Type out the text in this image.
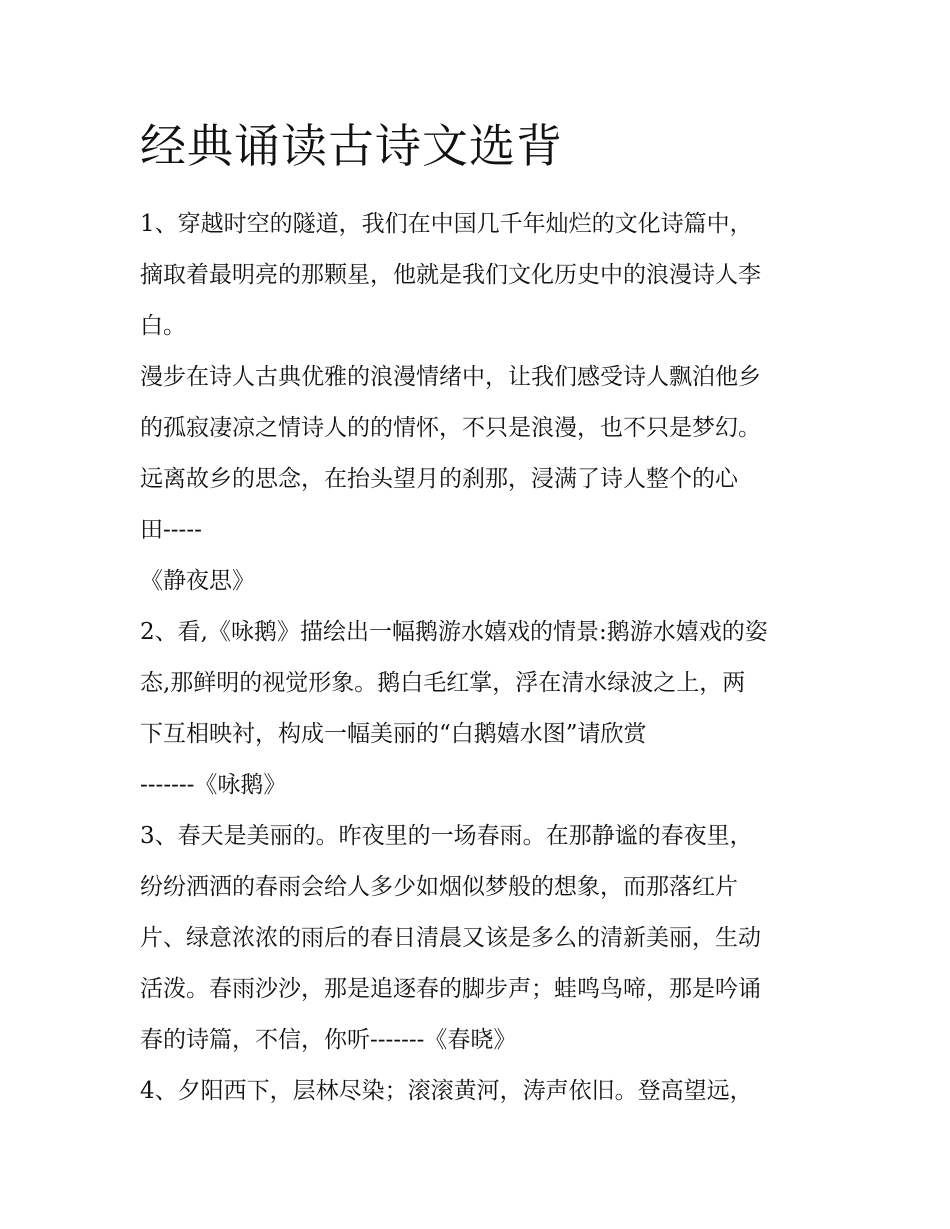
经典诵读古诗文选背
1、穿越时空的隧道，我们在中国几千年灿烂的文化诗篇中，
摘取着最明亮的那颗星，他就是我们文化历史中的浪漫诗人李
白。
漫步在诗人古典优雅的浪漫情绪中，让我们感受诗人飘泊他乡
的孤寂凄凉之情诗人的的情怀，不只是浪漫，也不只是梦幻。
远离故乡的思念，在抬头望月的刹那，浸满了诗人整个的心
田-----
《静夜思》
2、看,《咏鹅》描绘出一幅鹅游水嬉戏的情景:鹅游水嬉戏的姿
态,那鲜明的视觉形象。鹅白毛红掌，浮在清水绿波之上，两
下互相映衬，构成一幅美丽的“白鹅嬉水图”请欣赏
-------《咏鹅》
3、春天是美丽的。昨夜里的一场春雨。在那静谧的春夜里，
纷纷洒洒的春雨会给人多少如烟似梦般的想象，而那落红片
片、绿意浓浓的雨后的春日清晨又该是多么的清新美丽，生动
活泼。春雨沙沙，那是追逐春的脚步声；蛙鸣鸟啼，那是吟诵
春的诗篇，不信，你听-------《春晓》
4、夕阳西下，层林尽染；滚滚黄河，涛声依旧。登高望远，
